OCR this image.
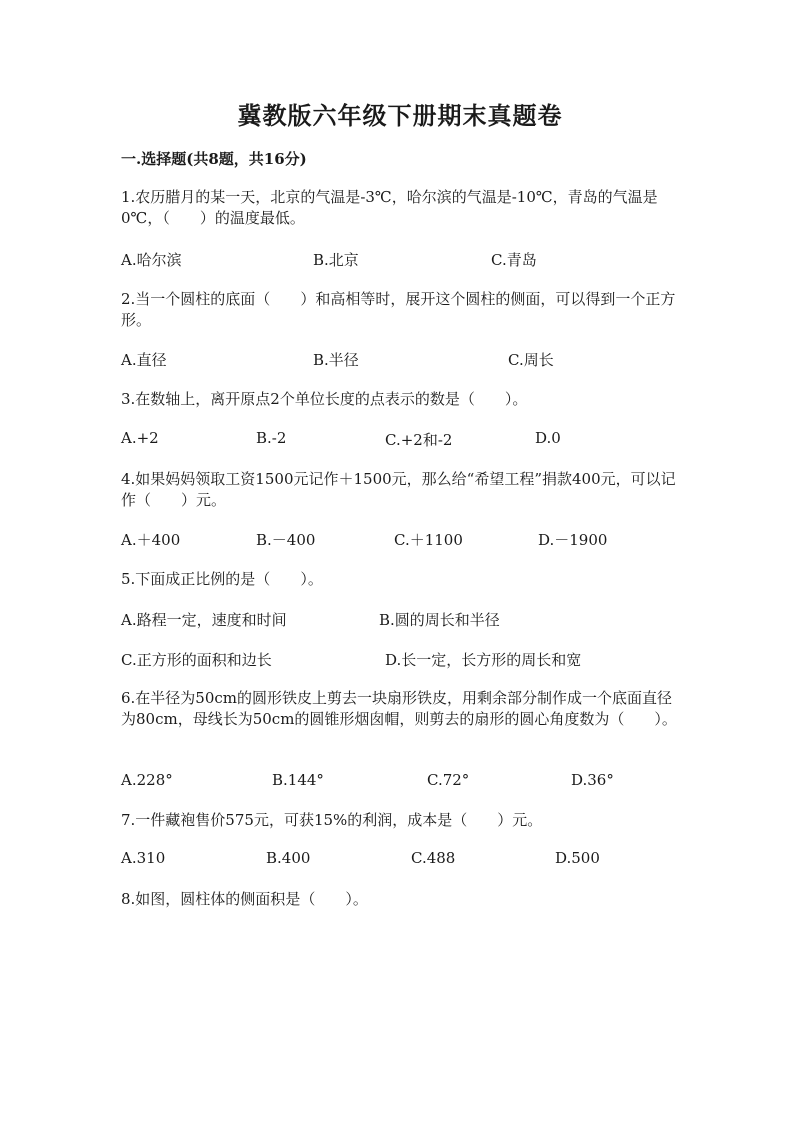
冀教版六年级下册期末真题卷
一.选择题(共8题，共16分)
1.农历腊月的某一天，北京的气温是-3℃，哈尔滨的气温是-10℃，青岛的气温是0℃，（　　）的温度最低。
A.哈尔滨	B.北京	C.青岛
2.当一个圆柱的底面（　　）和高相等时，展开这个圆柱的侧面，可以得到一个正方形。
A.直径	B.半径	C.周长
3.在数轴上，离开原点2个单位长度的点表示的数是（　　）。
A.+2	B.-2	C.+2和-2	D.0
4.如果妈妈领取工资1500元记作＋1500元，那么给“希望工程”捐款400元，可以记作（　　）元。
A.＋400	B.－400	C.＋1100	D.－1900
5.下面成正比例的是（　　）。
A.路程一定，速度和时间	B.圆的周长和半径
C.正方形的面积和边长	D.长一定，长方形的周长和宽
6.在半径为50cm的圆形铁皮上剪去一块扇形铁皮，用剩余部分制作成一个底面直径为80cm，母线长为50cm的圆锥形烟囱帽，则剪去的扇形的圆心角度数为（　　）。
A.228°	B.144°	C.72°	D.36°
7.一件藏袍售价575元，可获15%的利润，成本是（　　）元。
A.310	B.400	C.488	D.500
8.如图，圆柱体的侧面积是（　　）。
